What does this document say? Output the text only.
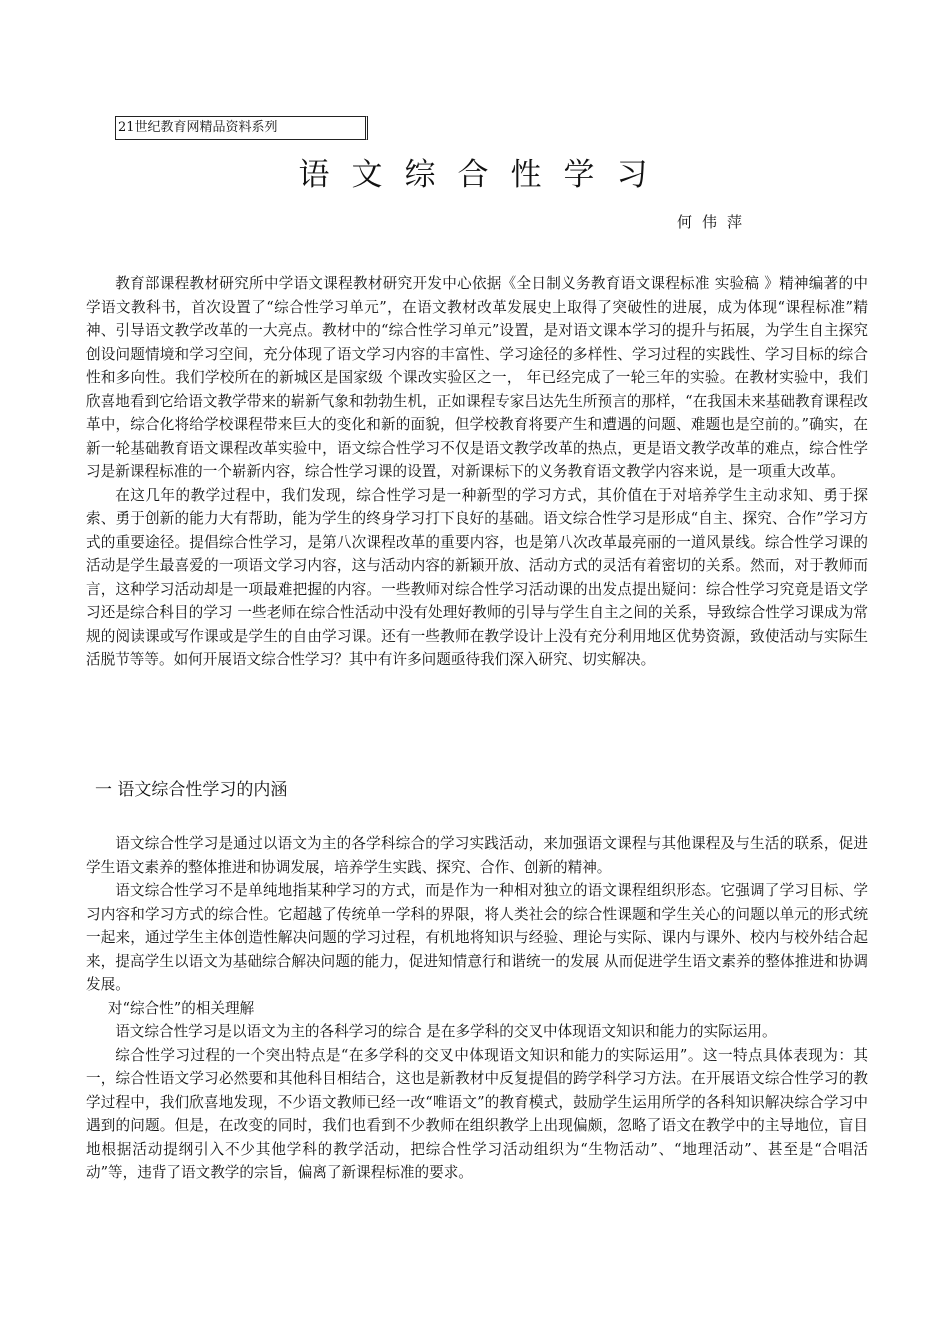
21世纪教育网精品资料系列
语文综合性学习
何伟萍

教育部课程教材研究所中学语文课程教材研究开发中心依据《全日制义务教育语文课程标准 实验稿 》精神编著的中学语文教科书，首次设置了“综合性学习单元”，在语文教材改革发展史上取得了突破性的进展，成为体现“课程标准”精神、引导语文教学改革的一大亮点。教材中的“综合性学习单元”设置，是对语文课本学习的提升与拓展，为学生自主探究创设问题情境和学习空间，充分体现了语文学习内容的丰富性、学习途径的多样性、学习过程的实践性、学习目标的综合性和多向性。我们学校所在的新城区是国家级 个课改实验区之一， 年已经完成了一轮三年的实验。在教材实验中，我们欣喜地看到它给语文教学带来的崭新气象和勃勃生机，正如课程专家吕达先生所预言的那样，“在我国未来基础教育课程改革中，综合化将给学校课程带来巨大的变化和新的面貌，但学校教育将要产生和遭遇的问题、难题也是空前的。”确实，在新一轮基础教育语文课程改革实验中，语文综合性学习不仅是语文教学改革的热点，更是语文教学改革的难点，综合性学习是新课程标准的一个崭新内容，综合性学习课的设置，对新课标下的义务教育语文教学内容来说，是一项重大改革。

在这几年的教学过程中，我们发现，综合性学习是一种新型的学习方式，其价值在于对培养学生主动求知、勇于探索、勇于创新的能力大有帮助，能为学生的终身学习打下良好的基础。语文综合性学习是形成“自主、探究、合作”学习方式的重要途径。提倡综合性学习，是第八次课程改革的重要内容，也是第八次改革最亮丽的一道风景线。综合性学习课的活动是学生最喜爱的一项语文学习内容，这与活动内容的新颖开放、活动方式的灵活有着密切的关系。然而，对于教师而言，这种学习活动却是一项最难把握的内容。一些教师对综合性学习活动课的出发点提出疑问：综合性学习究竟是语文学习还是综合科目的学习 一些老师在综合性活动中没有处理好教师的引导与学生自主之间的关系，导致综合性学习课成为常规的阅读课或写作课或是学生的自由学习课。还有一些教师在教学设计上没有充分利用地区优势资源，致使活动与实际生活脱节等等。如何开展语文综合性学习？其中有许多问题亟待我们深入研究、切实解决。

一 语文综合性学习的内涵

语文综合性学习是通过以语文为主的各学科综合的学习实践活动，来加强语文课程与其他课程及与生活的联系，促进学生语文素养的整体推进和协调发展，培养学生实践、探究、合作、创新的精神。

语文综合性学习不是单纯地指某种学习的方式，而是作为一种相对独立的语文课程组织形态。它强调了学习目标、学习内容和学习方式的综合性。它超越了传统单一学科的界限，将人类社会的综合性课题和学生关心的问题以单元的形式统一起来，通过学生主体创造性解决问题的学习过程，有机地将知识与经验、理论与实际、课内与课外、校内与校外结合起来，提高学生以语文为基础综合解决问题的能力，促进知情意行和谐统一的发展 从而促进学生语文素养的整体推进和协调发展。

对“综合性”的相关理解

语文综合性学习是以语文为主的各科学习的综合 是在多学科的交叉中体现语文知识和能力的实际运用。

综合性学习过程的一个突出特点是“在多学科的交叉中体现语文知识和能力的实际运用”。这一特点具体表现为：其一，综合性语文学习必然要和其他科目相结合，这也是新教材中反复提倡的跨学科学习方法。在开展语文综合性学习的教学过程中，我们欣喜地发现，不少语文教师已经一改“唯语文”的教育模式，鼓励学生运用所学的各科知识解决综合学习中遇到的问题。但是，在改变的同时，我们也看到不少教师在组织教学上出现偏颇，忽略了语文在教学中的主导地位，盲目地根据活动提纲引入不少其他学科的教学活动，把综合性学习活动组织为“生物活动”、“地理活动”、甚至是“合唱活动”等，违背了语文教学的宗旨，偏离了新课程标准的要求。
